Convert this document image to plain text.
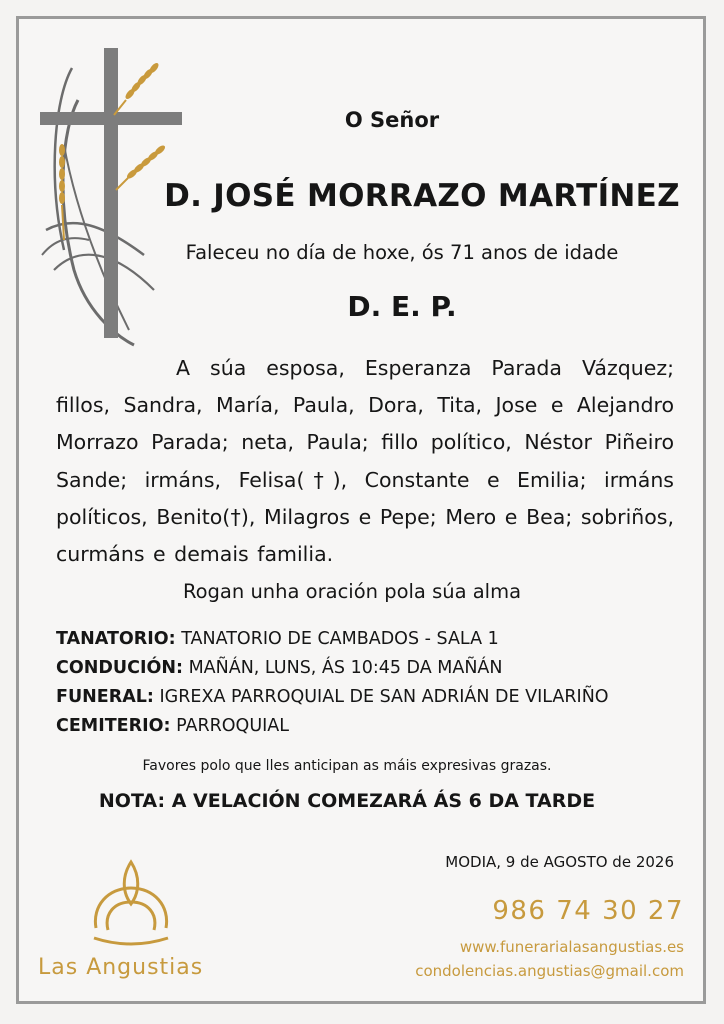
O Señor
D. JOSÉ MORRAZO MARTÍNEZ
Faleceu no día de hoxe, ós 71 anos de idade
D. E. P.
A súa esposa, Esperanza Parada Vázquez; fillos, Sandra, María, Paula, Dora, Tita, Jose e Alejandro Morrazo Parada; neta, Paula; fillo político, Néstor Piñeiro Sande; irmáns, Felisa(†), Constante e Emilia; irmáns políticos, Benito(†), Milagros e Pepe; Mero e Bea; sobriños, curmáns e demais familia.
Rogan unha oración pola súa alma
TANATORIO: TANATORIO DE CAMBADOS - SALA 1
CONDUCIÓN: MAÑÁN, LUNS, ÁS 10:45 DA MAÑÁN
FUNERAL: IGREXA PARROQUIAL DE SAN ADRIÁN DE VILARIÑO
CEMITERIO: PARROQUIAL
Favores polo que lles anticipan as máis expresivas grazas.
NOTA: A VELACIÓN COMEZARÁ ÁS 6 DA TARDE
MODIA, 9 de AGOSTO de 2026
986 74 30 27
www.funerarialasangustias.es
condolencias.angustias@gmail.com
Las Angustias
